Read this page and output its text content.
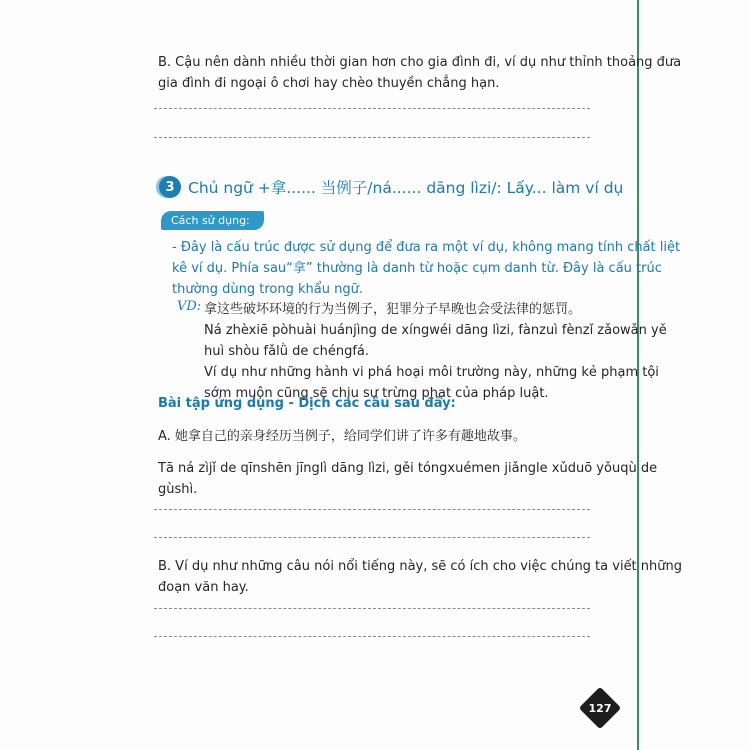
B. Cậu nên dành nhiều thời gian hơn cho gia đình đi, ví dụ như thỉnh thoảng đưa
gia đình đi ngoại ô chơi hay chèo thuyền chẳng hạn.
3 Chủ ngữ +拿...... 当例子/ná...... dāng lìzi/: Lấy... làm ví dụ
Cách sử dụng:
- Đây là cấu trúc được sử dụng để đưa ra một ví dụ, không mang tính chất liệt
kê ví dụ. Phía sau“拿” thường là danh từ hoặc cụm danh từ. Đây là cấu trúc
thường dùng trong khẩu ngữ.
VD: 拿这些破坏环境的行为当例子，犯罪分子早晚也会受法律的惩罚。
Ná zhèxiē pòhuài huánjìng de xíngwéi dāng lìzi, fànzuì fènzǐ zǎowǎn yě
huì shòu fǎlǜ de chéngfá.
Ví dụ như những hành vi phá hoại môi trường này, những kẻ phạm tội
sớm muộn cũng sẽ chịu sự trừng phạt của pháp luật.
Bài tập ứng dụng - Dịch các câu sau đây:
A. 她拿自己的亲身经历当例子，给同学们讲了许多有趣地故事。
Tā ná zìjǐ de qīnshēn jīnglì dāng lìzi, gěi tóngxuémen jiǎngle xǔduō yǒuqù de
gùshì.
B. Ví dụ như những câu nói nổi tiếng này, sẽ có ích cho việc chúng ta viết những
đoạn văn hay.
127
